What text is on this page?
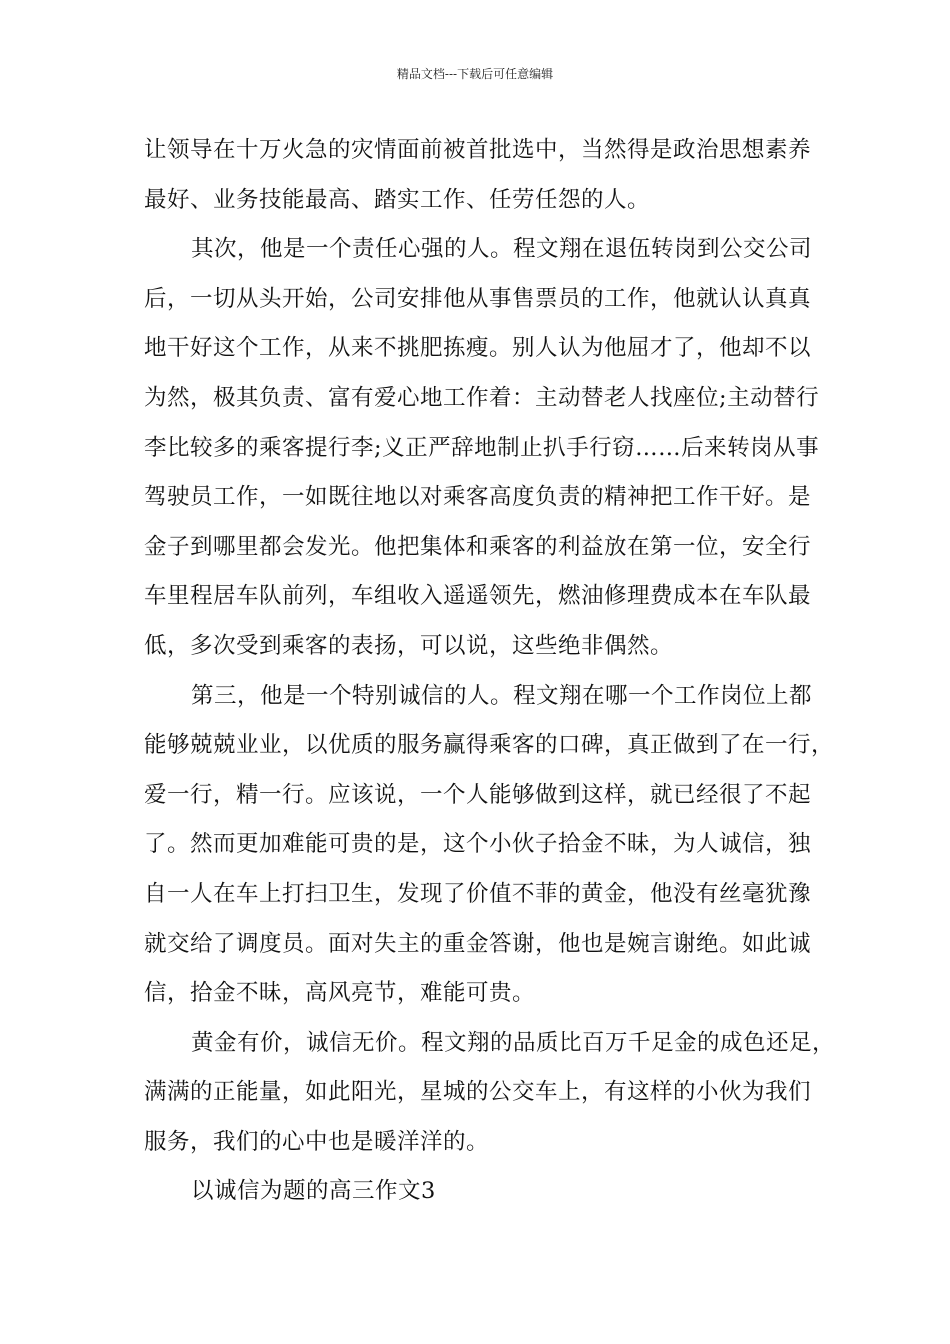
精品文档---下载后可任意编辑
让领导在十万火急的灾情面前被首批选中，当然得是政治思想素养
最好、业务技能最高、踏实工作、任劳任怨的人。
其次，他是一个责任心强的人。程文翔在退伍转岗到公交公司
后，一切从头开始，公司安排他从事售票员的工作，他就认认真真
地干好这个工作，从来不挑肥拣瘦。别人认为他屈才了，他却不以
为然，极其负责、富有爱心地工作着：主动替老人找座位;主动替行
李比较多的乘客提行李;义正严辞地制止扒手行窃……后来转岗从事
驾驶员工作，一如既往地以对乘客高度负责的精神把工作干好。是
金子到哪里都会发光。他把集体和乘客的利益放在第一位，安全行
车里程居车队前列，车组收入遥遥领先，燃油修理费成本在车队最
低，多次受到乘客的表扬，可以说，这些绝非偶然。
第三，他是一个特别诚信的人。程文翔在哪一个工作岗位上都
能够兢兢业业，以优质的服务赢得乘客的口碑，真正做到了在一行，
爱一行，精一行。应该说，一个人能够做到这样，就已经很了不起
了。然而更加难能可贵的是，这个小伙子拾金不昧，为人诚信，独
自一人在车上打扫卫生，发现了价值不菲的黄金，他没有丝毫犹豫
就交给了调度员。面对失主的重金答谢，他也是婉言谢绝。如此诚
信，拾金不昧，高风亮节，难能可贵。
黄金有价，诚信无价。程文翔的品质比百万千足金的成色还足，
满满的正能量，如此阳光，星城的公交车上，有这样的小伙为我们
服务，我们的心中也是暖洋洋的。
以诚信为题的高三作文3
